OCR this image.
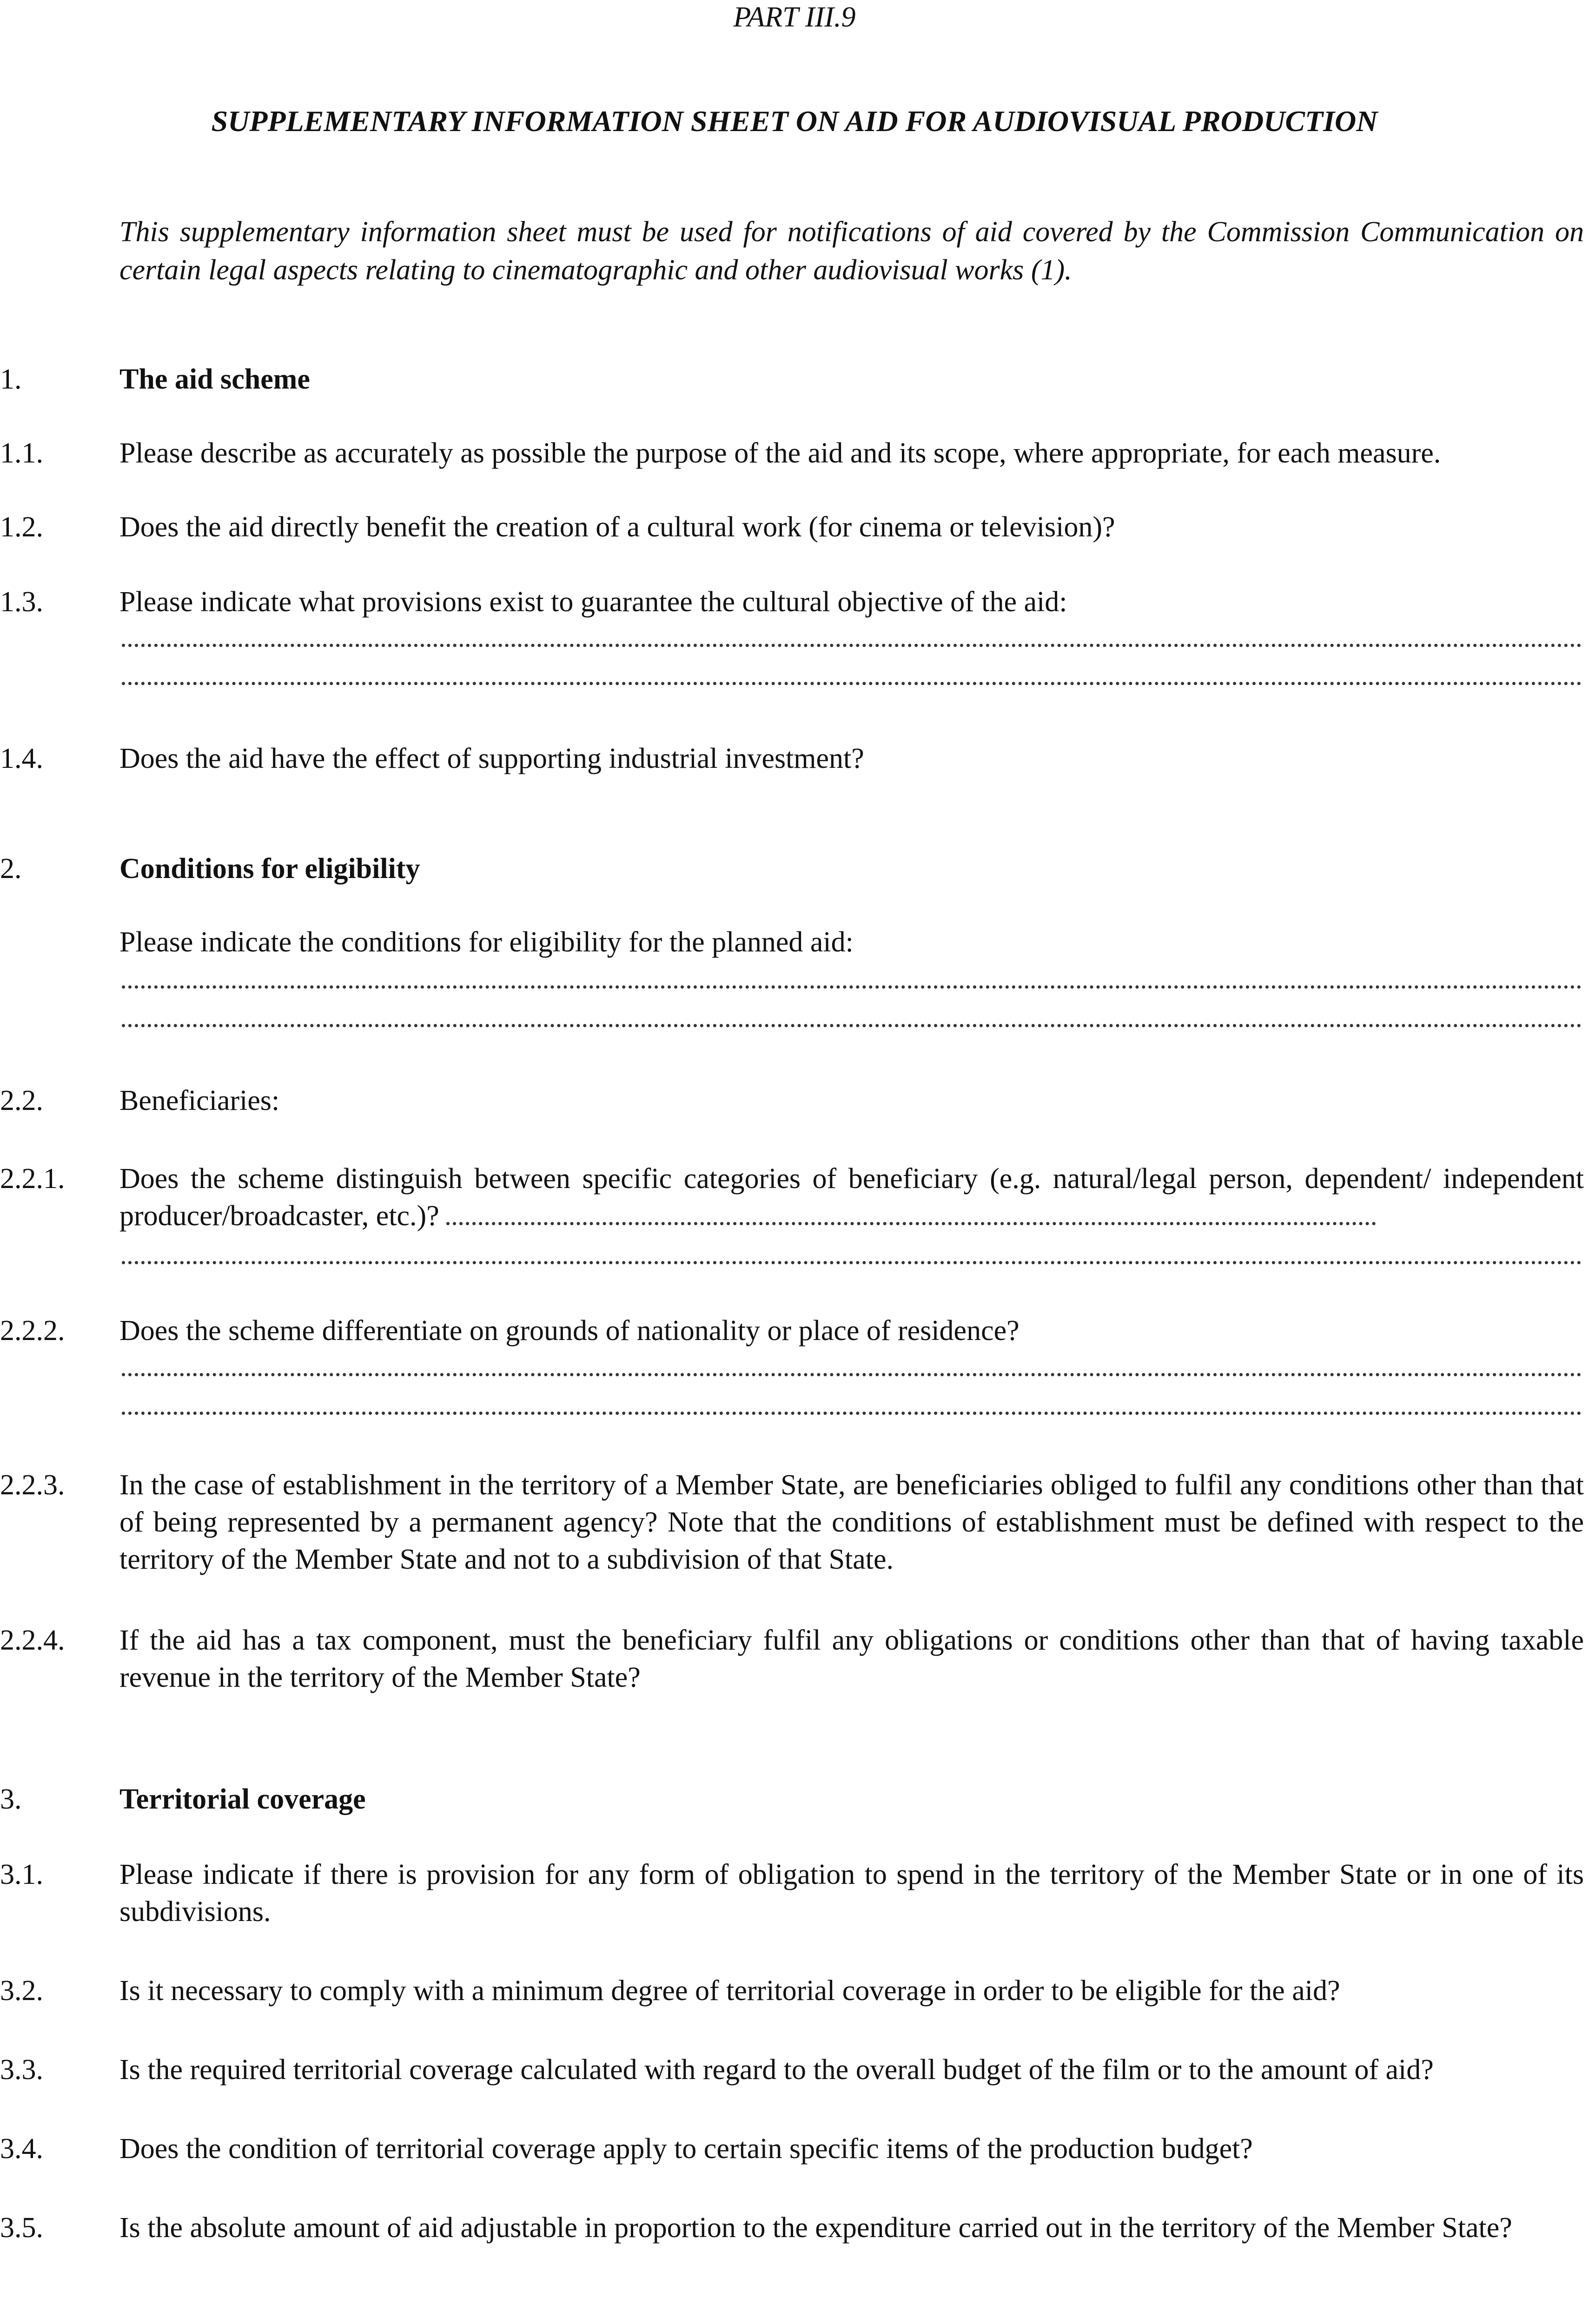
PART III.9
SUPPLEMENTARY INFORMATION SHEET ON AID FOR AUDIOVISUAL PRODUCTION
This supplementary information sheet must be used for notifications of aid covered by the Commission Communication on certain legal aspects relating to cinematographic and other audiovisual works (1).
1.	The aid scheme
1.1.	Please describe as accurately as possible the purpose of the aid and its scope, where appropriate, for each measure.
1.2.	Does the aid directly benefit the creation of a cultural work (for cinema or television)?
1.3.	Please indicate what provisions exist to guarantee the cultural objective of the aid:
1.4.	Does the aid have the effect of supporting industrial investment?
2.	Conditions for eligibility
Please indicate the conditions for eligibility for the planned aid:
2.2.	Beneficiaries:
2.2.1. Does the scheme distinguish between specific categories of beneficiary (e.g. natural/legal person, dependent/ independent producer/broadcaster, etc.)?
2.2.2. Does the scheme differentiate on grounds of nationality or place of residence?
2.2.3. In the case of establishment in the territory of a Member State, are beneficiaries obliged to fulfil any conditions other than that of being represented by a permanent agency? Note that the conditions of establishment must be defined with respect to the territory of the Member State and not to a subdivision of that State.
2.2.4. If the aid has a tax component, must the beneficiary fulfil any obligations or conditions other than that of having taxable revenue in the territory of the Member State?
3.	Territorial coverage
3.1.	Please indicate if there is provision for any form of obligation to spend in the territory of the Member State or in one of its subdivisions.
3.2.	Is it necessary to comply with a minimum degree of territorial coverage in order to be eligible for the aid?
3.3.	Is the required territorial coverage calculated with regard to the overall budget of the film or to the amount of aid?
3.4.	Does the condition of territorial coverage apply to certain specific items of the production budget?
3.5.	Is the absolute amount of aid adjustable in proportion to the expenditure carried out in the territory of the Member State?
